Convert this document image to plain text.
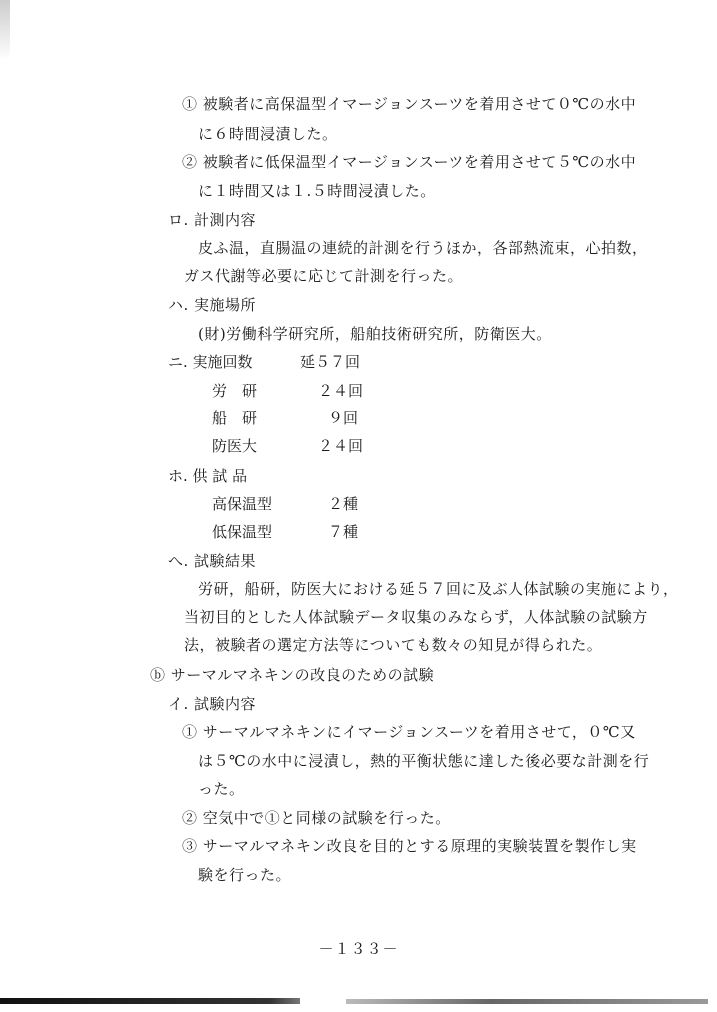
① 被験者に高保温型イマージョンスーツを着用させて０℃の水中
に６時間浸漬した。
② 被験者に低保温型イマージョンスーツを着用させて５℃の水中
に１時間又は１.５時間浸漬した。
ロ. 計測内容
皮ふ温，直腸温の連続的計測を行うほか，各部熱流束，心拍数，
ガス代謝等必要に応じて計測を行った。
ハ. 実施場所
(財)労働科学研究所，船舶技術研究所，防衛医大。
ニ. 実施回数	延５７回
労　研	２４回
船　研	９回
防医大	２４回
ホ. 供 試 品
高保温型	２種
低保温型	７種
へ. 試験結果
労研，船研，防医大における延５７回に及ぶ人体試験の実施により，
当初目的とした人体試験データ収集のみならず，人体試験の試験方
法，被験者の選定方法等についても数々の知見が得られた。
ⓑ サーマルマネキンの改良のための試験
イ. 試験内容
① サーマルマネキンにイマージョンスーツを着用させて，０℃又
は５℃の水中に浸漬し，熱的平衡状態に達した後必要な計測を行
った。
② 空気中で①と同様の試験を行った。
③ サーマルマネキン改良を目的とする原理的実験装置を製作し実
験を行った。
－１３３－
